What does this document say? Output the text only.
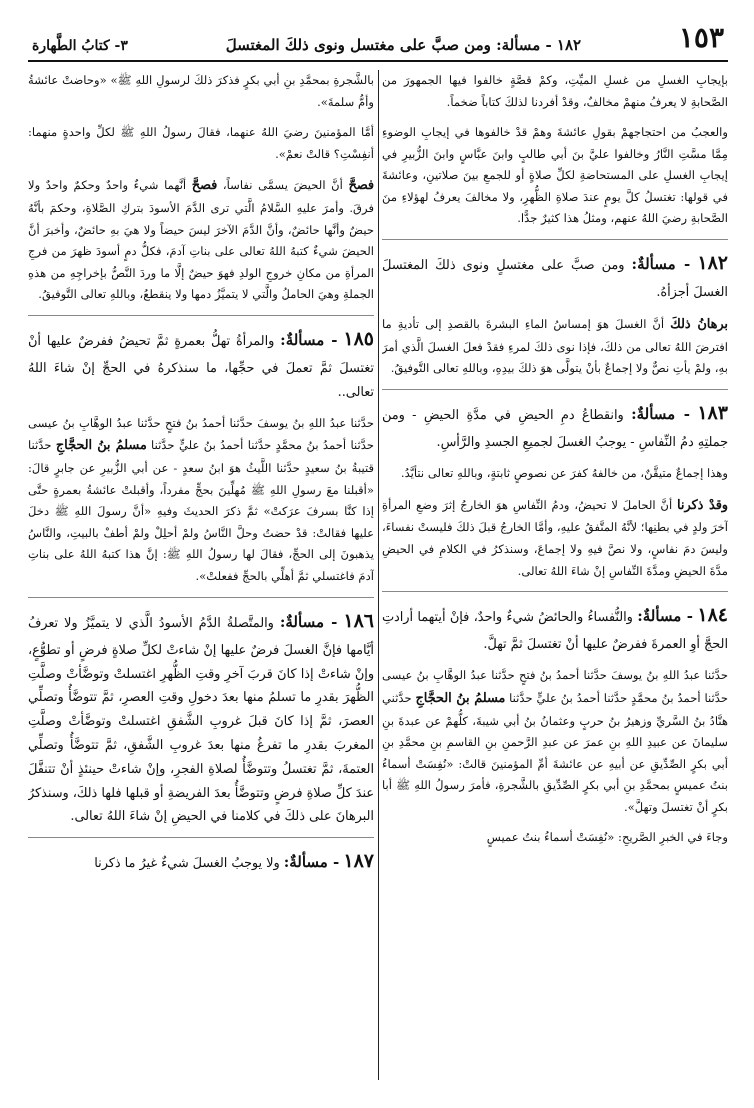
١٥٣
١٨٢ - مسألة: ومن صبَّ على مغتسل ونوى ذلكَ المغتسلَ
٣- كتابُ الطَّهارة

بإيجابِ الغسلِ من غسلِ الميِّتِ، وكمْ قصَّةٍ خالفوا فيها الجمهورَ من الصَّحابةِ لا يعرفُ منهمْ مخالفٌ، وقدْ أفردنا لذلكَ كتاباً ضخماً.

والعجبُ من احتجاجهمْ بقولِ عائشةَ وهمْ قدْ خالفوها في إيجابِ الوضوءِ مِمَّا مسَّتِ النَّارُ وخالفوا عليَّ بنَ أبي طالبٍ وابنَ عبَّاسٍ وابنَ الزُّبيرِ في إيجابِ الغسلِ على المستحاضةِ لكلِّ صلاةٍ أو للجمعِ بينَ صلاتينِ، وعائشةَ في قولها: تغتسلُ كلَّ يومٍ عندَ صلاةِ الظُّهرِ، ولا مخالفَ يعرفُ لهؤلاءِ منَ الصَّحابةِ رضيَ اللهُ عنهم، ومثلُ هذا كثيرٌ جدًّا.

١٨٢ - مسألةٌ: ومن صبَّ على مغتسلٍ ونوى ذلكَ المغتسلَ الغسلَ أجزأهُ.

برهانُ ذلكَ أنَّ الغسلَ هوَ إمساسُ الماءِ البشرةَ بالقصدِ إلى تأديةِ ما افترضَ اللهُ تعالى من ذلكَ، فإذا نوى ذلكَ لمرءِ فقدْ فعلَ الغسلَ الَّذي أمرَ بهِ، ولمْ يأتِ نصٌّ ولا إجماعٌ بأنْ يتولَّى هوَ ذلكَ بيدِهِ، وباللهِ تعالى التَّوفيقُ.

١٨٣ - مسألةٌ: وانقطاعُ دمِ الحيضِ في مدَّةِ الحيضِ - ومن جملتِهِ دمُ النِّفاسِ - يوجبُ الغسلَ لجميعِ الجسدِ والرَّأسِ.

وهذا إجماعٌ متيقَّنٌ، من خالفهُ كفرَ عن نصوصٍ ثابتةٍ، وباللهِ تعالى نتأيَّدُ.

وقدْ ذكرنا أنَّ الحاملَ لا تحيضُ، ودمُ النِّفاسِ هوَ الخارجُ إثرَ وضعِ المرأةِ آخرَ ولدٍ في بطنِها؛ لأنَّهُ المتَّفقُ عليهِ، وأمَّا الخارجُ قبلَ ذلكَ فليستْ نفساءَ، وليسَ دمَ نفاسٍ، ولا نصَّ فيهِ ولا إجماعَ، وسنذكرُ في الكلامِ في الحيضِ مدَّةَ الحيضِ ومدَّةَ النِّفاسِ إنْ شاءَ اللهُ تعالى.

١٨٤ - مسألةٌ: والنُّفساءُ والحائضُ شيءٌ واحدٌ، فإنْ أيتهما أرادتِ الحجَّ أوِ العمرةَ ففرضٌ عليها أنْ تغتسلَ ثمَّ تهلَّ.

حدَّثنا عبدُ اللهِ بنُ يوسفَ حدَّثنا أحمدُ بنُ فتحٍ حدَّثنا عبدُ الوهَّابِ بنُ عيسى حدَّثنا أحمدُ بنُ محمَّدٍ حدَّثنا أحمدُ بنُ عليٍّ حدَّثنا مسلمُ بنُ الحجَّاجِ حدَّثني هنَّادُ بنُ السَّريِّ وزهيرُ بنُ حربٍ وعثمانُ بنُ أبي شيبةَ، كلُّهمْ عن عبدةَ بنِ سليمانَ عن عبيدِ اللهِ بنِ عمرَ عن عبدِ الرَّحمنِ بنِ القاسمِ بنِ محمَّدِ بنِ أبي بكرٍ الصِّدِّيقِ عن أبيهِ عن عائشةَ أمِّ المؤمنينَ قالتْ: «نُفِسَتْ أسماءُ بنتُ عميسٍ بمحمَّدِ بنِ أبي بكرٍ الصِّدِّيقِ بالشَّجرةِ، فأمرَ رسولُ اللهِ ﷺ أبا بكرٍ أنْ تغتسلَ وتهلَّ».

وجاءَ في الخبرِ الصَّريحِ: «نُفِسَتْ أسماءُ بنتُ عميسٍ

بالشَّجرةِ بمحمَّدِ بنِ أبي بكرٍ فذكرَ ذلكَ لرسولِ اللهِ ﷺ» «وحاضتْ عائشةُ وأمُّ سلمةَ».

أمَّا المؤمنينَ رضيَ اللهُ عنهما، فقالَ رسولُ اللهِ ﷺ لكلِّ واحدةٍ منهما: أنفِسْتِ؟ قالتْ نعمْ».

فصحَّ أنَّ الحيضَ يسمَّى نفاساً، فصحَّ أنَّهما شيءٌ واحدٌ وحكمٌ واحدٌ ولا فرقَ. وأمرَ عليهِ السَّلامُ الَّتي ترى الدَّمَ الأسودَ بتركِ الصَّلاةِ، وحكمَ بأنَّهُ حيضٌ وأنَّها حائضٌ، وأنَّ الدَّمَ الآخرَ ليسَ حيضاً ولا هيَ بهِ حائضٌ، وأخبرَ أنَّ الحيضَ شيءٌ كتبهُ اللهُ تعالى على بناتِ آدمَ، فكلُّ دمٍ أسودَ ظهرَ من فرجِ المرأةِ من مكانِ خروجِ الولدِ فهوَ حيضٌ إلَّا ما وردَ النَّصُّ بإخراجِهِ من هذهِ الجملةِ وهيَ الحاملُ والَّتي لا يتميَّزُ دمها ولا ينقطعُ، وباللهِ تعالى التَّوفيقُ.

١٨٥ - مسألةٌ: والمرأةُ تهلُّ بعمرةٍ ثمَّ تحيضُ ففرضٌ عليها أنْ تغتسلَ ثمَّ تعملَ في حجِّها، ما سنذكرهُ في الحجِّ إنْ شاءَ اللهُ تعالى..

حدَّثنا عبدُ اللهِ بنُ يوسفَ حدَّثنا أحمدُ بنُ فتحٍ حدَّثنا عبدُ الوهَّابِ بنُ عيسى حدَّثنا أحمدُ بنُ محمَّدٍ حدَّثنا أحمدُ بنُ عليٍّ حدَّثنا مسلمُ بنُ الحجَّاجِ حدَّثنا قتيبةُ بنُ سعيدٍ حدَّثنا اللَّيثُ هوَ ابنُ سعدٍ - عن أبي الزُّبيرِ عن جابرٍ قالَ: «أقبلنا معَ رسولِ اللهِ ﷺ مُهلِّينَ بحجٍّ مفرداً، وأقبلتْ عائشةُ بعمرةٍ حتَّى إذا كنَّا بسرفَ عرَكتْ» ثمَّ ذكرَ الحديثَ وفيهِ «أنَّ رسولَ اللهِ ﷺ دخلَ عليها فقالتْ: قدْ حضتُ وحلَّ النَّاسُ ولمْ أحلِلْ ولمْ أطفْ بالبيتِ، والنَّاسُ يذهبونَ إلى الحجِّ، فقالَ لها رسولُ اللهِ ﷺ: إنَّ هذا كتبهُ اللهُ على بناتِ آدمَ فاغتسلي ثمَّ أهلِّي بالحجِّ ففعلتْ».

١٨٦ - مسألةٌ: والمتَّصلةُ الدَّمُ الأسودُ الَّذي لا يتميَّزُ ولا تعرفُ أيَّامها فإنَّ الغسلَ فرضٌ عليها إنْ شاءتْ لكلِّ صلاةٍ فرضٍ أو تطوُّعٍ، وإنْ شاءتْ إذا كانَ قربَ آخرِ وقتِ الظُّهرِ اغتسلتْ وتوضَّأتْ وصلَّتِ الظُّهرَ بقدرِ ما تسلمُ منها بعدَ دخولِ وقتِ العصرِ، ثمَّ تتوضَّأُ وتصلِّي العصرَ، ثمَّ إذا كانَ قبلَ غروبِ الشَّفقِ اغتسلتْ وتوضَّأتْ وصلَّتِ المغربَ بقدرِ ما تفرغُ منها بعدَ غروبِ الشَّفقِ، ثمَّ تتوضَّأُ وتصلِّي العتمةَ، ثمَّ تغتسلُ وتتوضَّأُ لصلاةِ الفجرِ، وإنْ شاءتْ حينئذٍ أنْ تتنفَّلَ عندَ كلِّ صلاةِ فرضٍ وتتوضَّأُ بعدَ الفريضةِ أو قبلها فلها ذلكَ، وسنذكرُ البرهانَ على ذلكَ في كلامنا في الحيضِ إنْ شاءَ اللهُ تعالى.

١٨٧ - مسألةٌ: ولا يوجبُ الغسلَ شيءٌ غيرُ ما ذكرنا
